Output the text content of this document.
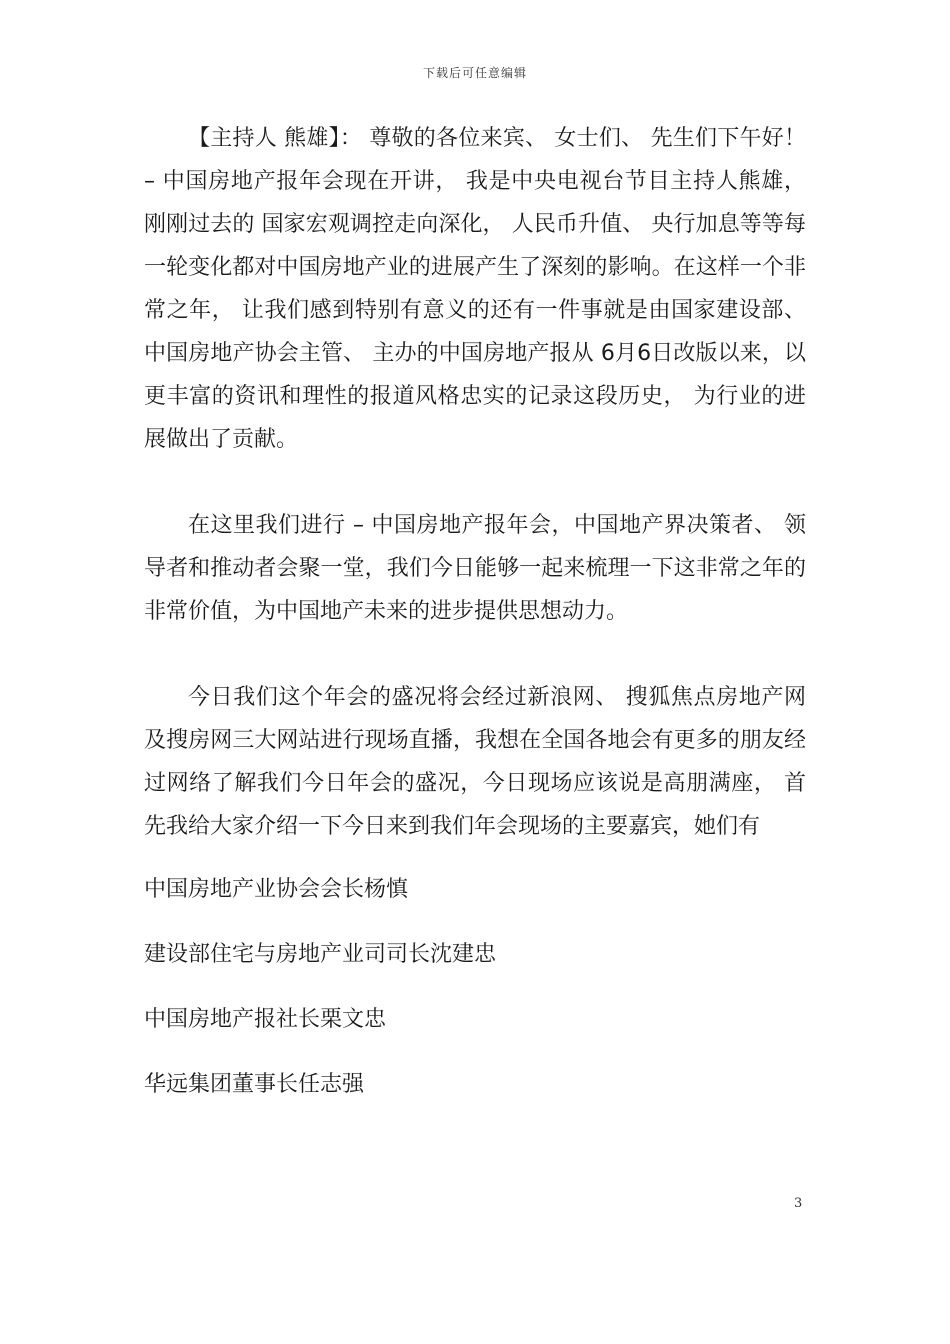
下载后可任意编辑

【主持人 熊雄】： 尊敬的各位来宾、 女士们、 先生们下午好！ – 中国房地产报年会现在开讲， 我是中央电视台节目主持人熊雄，刚刚过去的 国家宏观调控走向深化， 人民币升值、 央行加息等等每一轮变化都对中国房地产业的进展产生了深刻的影响。在这样一个非常之年， 让我们感到特别有意义的还有一件事就是由国家建设部、 中国房地产协会主管、 主办的中国房地产报从 6月6日改版以来，以更丰富的资讯和理性的报道风格忠实的记录这段历史， 为行业的进展做出了贡献。

在这里我们进行 – 中国房地产报年会，中国地产界决策者、 领导者和推动者会聚一堂，我们今日能够一起来梳理一下这非常之年的非常价值，为中国地产未来的进步提供思想动力。

今日我们这个年会的盛况将会经过新浪网、 搜狐焦点房地产网及搜房网三大网站进行现场直播，我想在全国各地会有更多的朋友经过网络了解我们今日年会的盛况，今日现场应该说是高朋满座， 首先我给大家介绍一下今日来到我们年会现场的主要嘉宾，她们有

中国房地产业协会会长杨慎
建设部住宅与房地产业司司长沈建忠
中国房地产报社长栗文忠
华远集团董事长任志强
3
